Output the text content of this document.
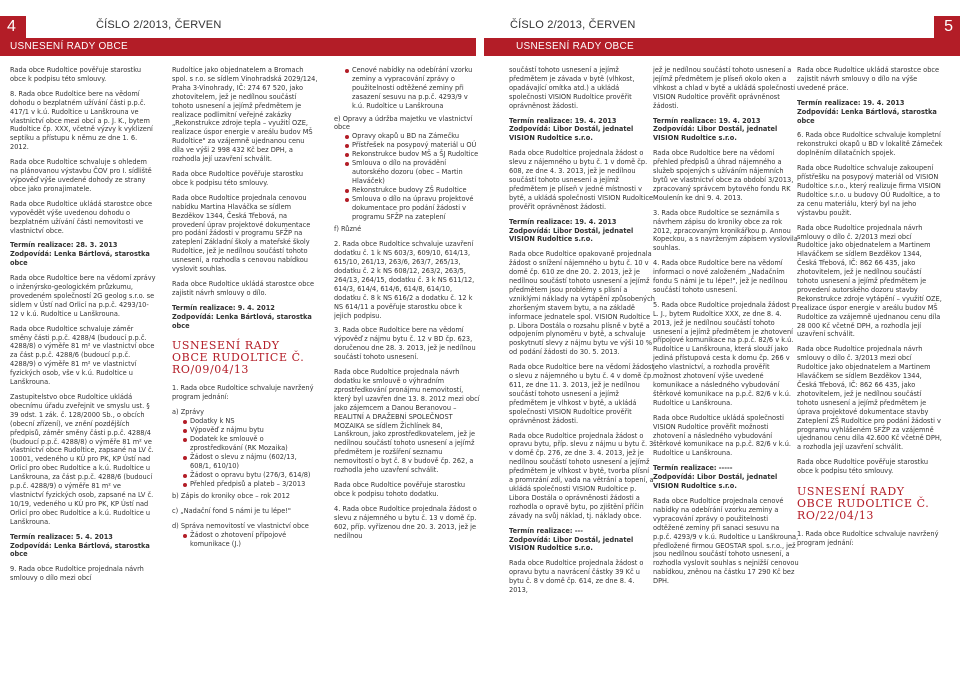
4	ČÍSLO 2/2013, ČERVEN	ČÍSLO 2/2013, ČERVEN	5
USNESENÍ RADY OBCE	USNESENÍ RADY OBCE

Rada obce Rudoltice pověřuje starostku obce k podpisu této smlouvy.

8. Rada obce Rudoltice bere na vědomí dohodu o bezplatném užívání části p.p.č. 417/1 v k.ú. Rudoltice u Lanškrouna ve vlastnictví obce mezi obcí a p. J. K., bytem Rudoltice čp. XXX, včetně výzvy k vyklizení septiku a přístupu k němu ze dne 1. 6. 2012.

Rada obce Rudoltice schvaluje s ohledem na plánovanou výstavbu ČOV pro I. sídliště výpověď výše uvedené dohody ze strany obce jako pronajimatele.

Rada obce Rudoltice ukládá starostce obce vypovědět výše uvedenou dohodu o bezplatném užívání části nemovitosti ve vlastnictví obce.

Termín realizace: 28. 3. 2013
Zodpovídá: Lenka Bártlová, starostka obce

Rada obce Rudoltice bere na vědomí zprávy o inženýrsko-geologickém průzkumu, provedeném společností 2G geolog s.r.o. se sídlem v Ústí nad Orlicí na p.p.č. 4293/10-12 v k.ú. Rudoltice u Lanškrouna.

Rada obce Rudoltice schvaluje záměr směny části p.p.č. 4288/4 (budoucí p.p.č. 4288/8) o výměře 81 m² ve vlastnictví obce za část p.p.č. 4288/6 (budoucí p.p.č. 4288/9) o výměře 81 m² ve vlastnictví fyzických osob, vše v k.ú. Rudoltice u Lanškrouna.

Zastupitelstvo obce Rudoltice ukládá obecnímu úřadu zveřejnit ve smyslu ust. § 39 odst. 1 zák. č. 128/2000 Sb., o obcích (obecní zřízení), ve znění pozdějších předpisů, záměr směny části p.p.č. 4288/4 (budoucí p.p.č. 4288/8) o výměře 81 m² ve vlastnictví obce Rudoltice, zapsané na LV č. 10001, vedeného u KÚ pro PK, KP Ústí nad Orlicí pro obec Rudoltice a k.ú. Rudoltice u Lanškrouna, za část p.p.č. 4288/6 (budoucí p.p.č. 4288/9) o výměře 81 m² ve vlastnictví fyzických osob, zapsané na LV č. 10/19, vedeného u KÚ pro PK, KP Ústí nad Orlicí pro obec Rudoltice a k.ú. Rudoltice u Lanškrouna.

Termín realizace: 5. 4. 2013
Zodpovídá: Lenka Bártlová, starostka obce

9. Rada obce Rudoltice projednala návrh smlouvy o dílo mezi obcí

Rudoltice jako objednatelem a Bromach spol. s r.o. se sídlem Vinohradská 2029/124, Praha 3-Vinohrady, IČ: 274 67 520, jako zhotovitelem, jež je nedílnou součástí tohoto usnesení a jejímž předmětem je realizace podlimitní veřejné zakázky „Rekonstrukce zdroje tepla – využití OZE, realizace úspor energie v areálu budov MŠ Rudoltice" za vzájemně ujednanou cenu díla ve výši 2 998 432 Kč bez DPH, a rozhodla její uzavření schválit.

Rada obce Rudoltice pověřuje starostku obce k podpisu této smlouvy.

Rada obce Rudoltice projednala cenovou nabídku Martina Hlaváčka se sídlem Bezděkov 1344, Česká Třebová, na provedení úprav projektové dokumentace pro podání žádosti v programu SFŽP na zateplení Základní školy a mateřské školy Rudoltice, jež je nedílnou součástí tohoto usnesení, a rozhodla s cenovou nabídkou vyslovit souhlas.

Rada obce Rudoltice ukládá starostce obce zajistit návrh smlouvy o dílo.

Termín realizace: 9. 4. 2012
Zodpovídá: Lenka Bártlová, starostka obce
USNESENÍ RADY OBCE RUDOLTICE Č. RO/09/04/13

1. Rada obce Rudoltice schvaluje navržený program jednání:

a) Zprávy
Dodatky k NS
Výpověď z nájmu bytu
Dodatek ke smlouvě o zprostředkování (RK Mozaika)
Žádost o slevu z nájmu (602/13, 608/1, 610/10)
Žádost o opravu bytu (276/3, 614/8)
Přehled předpisů a plateb – 3/2013
b) Zápis do kroniky obce – rok 2012
c) „Nadační fond S námi je tu lépe!"
d) Správa nemovitostí ve vlastnictví obce
Žádost o zhotovení přípojové komunikace (J.)
Cenové nabídky na odebírání vzorku zeminy a vypracování zprávy o použitelnosti odtěžené zeminy při zasazení sesuvu na p.p.č. 4293/9 v k.ú. Rudoltice u Lanškrouna
e) Opravy a údržba majetku ve vlastnictví obce
Opravy okapů u BD na Zámečku
Přístřešek na posypový materiál u OÚ
Rekonstrukce budov MŠ a ŠJ Rudoltice
Smlouva o dílo na provádění autorského dozoru (obec – Martin Hlaváček)
Rekonstrukce budovy ZŠ Rudoltice
Smlouva o dílo na úpravu projektové dokumentace pro podání žádosti v programu SFŽP na zateplení

f) Různé

2. Rada obce Rudoltice schvaluje uzavření dodatku č. 1 k NS 603/3, 609/10, 614/13, 615/10, 261/13, 263/6, 263/7, 265/13, dodatku č. 2 k NS 608/12, 263/2, 263/5, 264/13, 264/15, dodatku č. 3 k NS 611/12, 614/3, 614/4, 614/6, 614/8, 614/10, dodatku č. 8 k NS 616/2 a dodatku č. 12 k NS 614/11 a pověřuje starostku obce k jejich podpisu.

3. Rada obce Rudoltice bere na vědomí výpověď z nájmu bytu č. 12 v BD čp. 623, doručenou dne 28. 3. 2013, jež je nedílnou součástí tohoto usnesení.

Rada obce Rudoltice projednala návrh dodatku ke smlouvě o výhradním zprostředkování pronájmu nemovitostí, který byl uzavřen dne 13. 8. 2012 mezi obcí jako zájemcem a Danou Beranovou – REALITNÍ A DRAŽEBNÍ SPOLEČNOST MOZAIKA se sídlem Žichlínek 84, Lanškroun, jako zprostředkovatelem, jež je nedílnou součástí tohoto usnesení a jejímž předmětem je rozšíření seznamu nemovitostí o byt č. 8 v budově čp. 262, a rozhodla jeho uzavření schválit.

Rada obce Rudoltice pověřuje starostku obce k podpisu tohoto dodatku.

4. Rada obce Rudoltice projednala žádost o slevu z nájemného u bytu č. 13 v domě čp. 602, příp. vyřízenou dne 20. 3. 2013, jež je nedílnou

součástí tohoto usnesení a jejímž předmětem je závada v bytě (vlhkost, opadávající omítka atd.) a ukládá společnosti VISION Rudoltice prověřit oprávněnost žádosti.

Termín realizace: 19. 4. 2013
Zodpovídá: Libor Dostál, jednatel VISION Rudoltice s.r.o.

Rada obce Rudoltice projednala žádost o slevu z nájemného u bytu č. 1 v domě čp. 608, ze dne 4. 3. 2013, jež je nedílnou součástí tohoto usnesení a jejímž předmětem je plíseň v jedné místnosti v bytě, a ukládá společnosti VISION Rudoltice prověřit oprávněnost žádosti.

Termín realizace: 19. 4. 2013
Zodpovídá: Libor Dostál, jednatel VISION Rudoltice s.r.o.

Rada obce Rudoltice opakovaně projednala žádost o snížení nájemného u bytu č. 10 v domě čp. 610 ze dne 20. 2. 2013, jež je nedílnou součástí tohoto usnesení a jejímž předmětem jsou problémy s plísní a vzniklými náklady na vytápění způsobených zhoršeným stavem bytu, a na základě informace jednatele spol. VISION Rudoltice p. Libora Dostála o rozsahu plísně v bytě a odpojením plynoměru v bytě, a schvaluje poskytnutí slevy z nájmu bytu ve výši 10 % od podání žádosti do 30. 5. 2013.

Rada obce Rudoltice bere na vědomí žádost o slevu z nájemného u bytu č. 4 v domě čp. 611, ze dne 11. 3. 2013, jež je nedílnou součástí tohoto usnesení a jejímž předmětem je vlhkost v bytě, a ukládá společnosti VISION Rudoltice prověřit oprávněnost žádosti.

Rada obce Rudoltice projednala žádost o opravu bytu, příp. slevu z nájmu u bytu č. 3 v domě čp. 276, ze dne 3. 4. 2013, jež je nedílnou součástí tohoto usnesení a jejímž předmětem je vlhkost v bytě, tvorba plísní a promrzání zdí, vada na větrání a topení, a ukládá společnosti VISION Rudoltice p. Libora Dostála o oprávněnosti žádosti a rozhodla o opravě bytu, po zjištění příčin závady na svůj náklad, tj. náklady obce.

Termín realizace: ---
Zodpovídá: Libor Dostál, jednatel VISION Rudoltice s.r.o.

Rada obce Rudoltice projednala žádost o opravu bytu a navrácení částky 39 Kč u bytu č. 8 v domě čp. 614, ze dne 8. 4. 2013,

jež je nedílnou součástí tohoto usnesení a jejímž předmětem je plíseň okolo oken a vlhkost a chlad v bytě a ukládá společnosti VISION Rudoltice prověřit oprávněnost žádosti.

Termín realizace: 19. 4. 2013
Zodpovídá: Libor Dostál, jednatel VISION Rudoltice s.r.o.

Rada obce Rudoltice bere na vědomí přehled předpisů a úhrad nájemného a služeb spojených s užíváním nájemních bytů ve vlastnictví obce za období 3/2013, zpracovaný správcem bytového fondu RK Moulenín ke dni 9. 4. 2013.

3. Rada obce Rudoltice se seznámila s návrhem zápisu do kroniky obce za rok 2012, zpracovaným kronikářkou p. Annou Kopeckou, a s navrženým zápisem vyslovila souhlas.

4. Rada obce Rudoltice bere na vědomí informaci o nové založeném „Nadačním fondu S námi je tu lépe!", jež je nedílnou součástí tohoto usnesení.

5. Rada obce Rudoltice projednala žádost p. L. J., bytem Rudoltice XXX, ze dne 8. 4. 2013, jež je nedílnou součástí tohoto usnesení a jejímž předmětem je zhotovení přípojové komunikace na p.p.č. 82/6 v k.ú. Rudoltice u Lanškrouna, která slouží jako jediná přístupová cesta k domu čp. 266 v jeho vlastnictví, a rozhodla prověřit možnost zhotovení výše uvedené komunikace a následného vybudování štěrkové komunikace na p.p.č. 82/6 v k.ú. Rudoltice u Lanškrouna.

Rada obce Rudoltice ukládá společnosti VISION Rudoltice prověřit možnosti zhotovení a následného vybudování štěrkové komunikace na p.p.č. 82/6 v k.ú. Rudoltice u Lanškrouna.

Termín realizace: -----
Zodpovídá: Libor Dostál, jednatel VISION Rudoltice s.r.o.

Rada obce Rudoltice projednala cenové nabídky na odebírání vzorku zeminy a vypracování zprávy o použitelnosti odtěžené zeminy při sanaci sesuvu na p.p.č. 4293/9 v k.ú. Rudoltice u Lanškrouna, předložené firmou GEOSTAR spol. s.r.o., jež jsou nedílnou součástí tohoto usnesení, a rozhodla vyslovit souhlas s nejnižší cenovou nabídkou, zněnou na částku 17 290 Kč bez DPH.

Rada obce Rudoltice ukládá starostce obce zajistit návrh smlouvy o dílo na výše uvedené práce.

Termín realizace: 19. 4. 2013
Zodpovídá: Lenka Bártlová, starostka obce

6. Rada obce Rudoltice schvaluje kompletní rekonstrukci okapů u BD v lokalitě Zámeček doplněním dilatačních spojek.

Rada obce Rudoltice schvaluje zakoupení přístřešku na posypový materiál od VISION Rudoltice s.r.o., který realizuje firma VISION Rudoltice s.r.o. u budovy OÚ Rudoltice, a to za cenu materiálu, který byl na jeho výstavbu použit.

Rada obce Rudoltice projednala návrh smlouvy o dílo č. 2/2013 mezi obcí Rudoltice jako objednatelem a Martinem Hlaváčkem se sídlem Bezděkov 1344, Česká Třebová, IČ: 862 66 435, jako zhotovitelem, jež je nedílnou součástí tohoto usnesení a jejímž předmětem je provedení autorského dozoru stavby Rekonstrukce zdroje vytápění – využití OZE, realizace úspor energie v areálu budov MŠ Rudoltice za vzájemně ujednanou cenu díla 28 000 Kč včetně DPH, a rozhodla její uzavření schválit.

Rada obce Rudoltice projednala návrh smlouvy o dílo č. 3/2013 mezi obcí Rudoltice jako objednatelem a Martinem Hlaváčkem se sídlem Bezděkov 1344, Česká Třebová, IČ: 862 66 435, jako zhotovitelem, jež je nedílnou součástí tohoto usnesení a jejímž předmětem je úprava projektové dokumentace stavby Zateplení ZŠ Rudoltice pro podání žádosti v programu vyhlášeném SFŽP za vzájemně ujednanou cenu díla 42.600 Kč včetně DPH, a rozhodla její uzavření schválit.

Rada obce Rudoltice pověřuje starostku obce k podpisu této smlouvy.

USNESENÍ RADY OBCE RUDOLTICE Č. RO/22/04/13

1. Rada obce Rudoltice schvaluje navržený program jednání:
